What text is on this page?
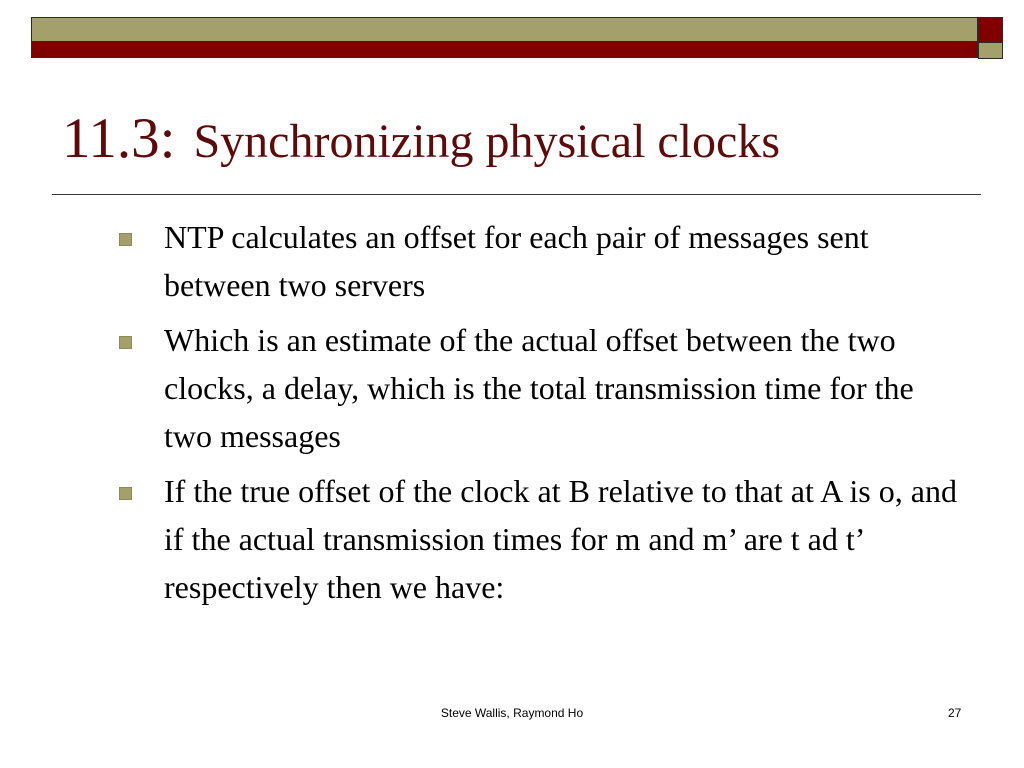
11.3: Synchronizing physical clocks
NTP calculates an offset for each pair of messages sent between two servers
Which is an estimate of the actual offset between the two clocks, a delay, which is the total transmission time for the two messages
If the true offset of the clock at B relative to that at A is o, and if the actual transmission times for m and m’ are t ad t’ respectively then we have:
Steve Wallis, Raymond Ho	27
